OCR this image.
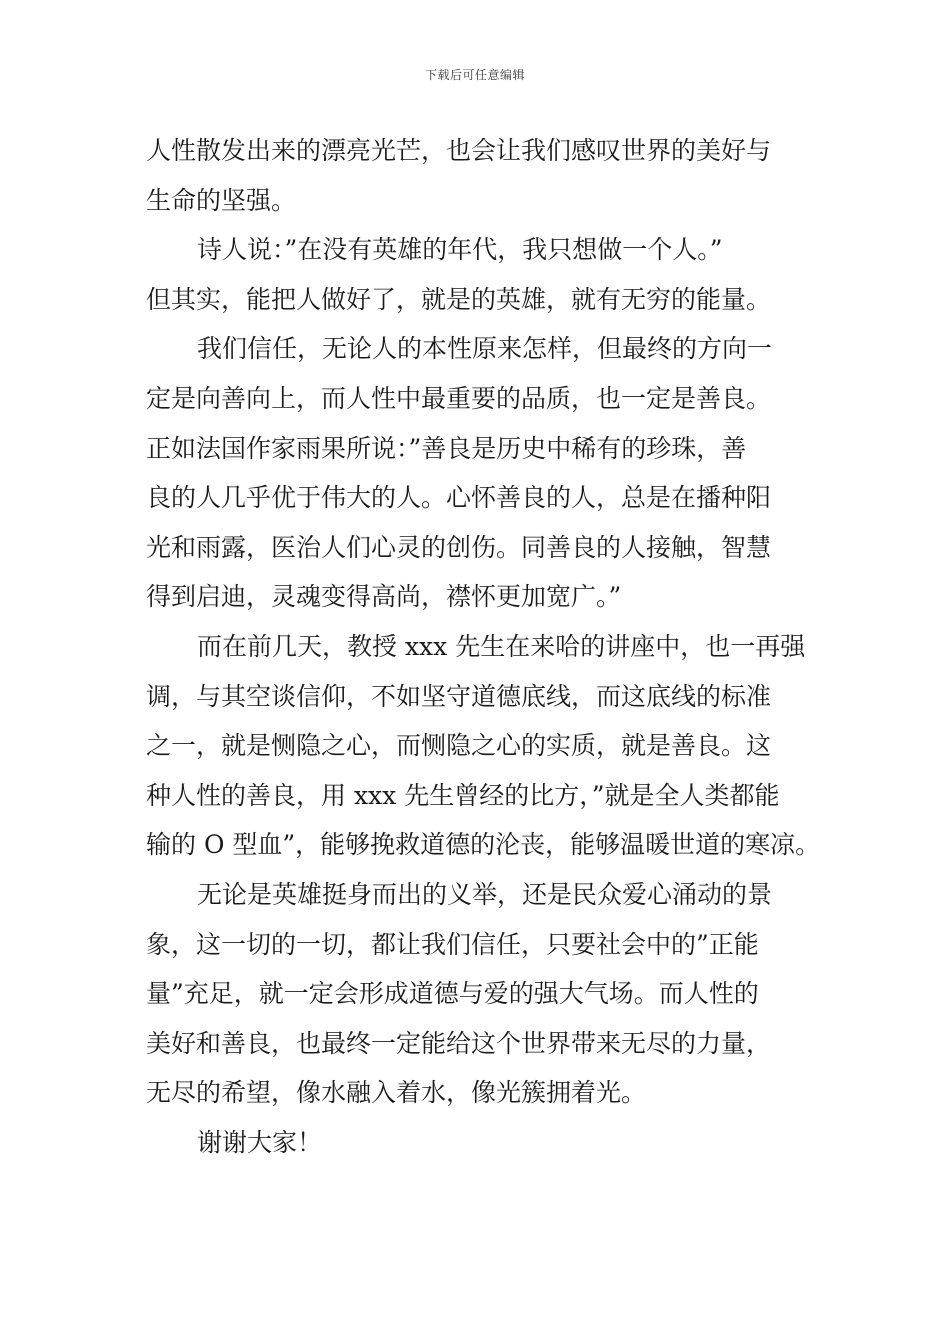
下载后可任意编辑
人性散发出来的漂亮光芒，也会让我们感叹世界的美好与
生命的坚强。
诗人说：”在没有英雄的年代，我只想做一个人。”
但其实，能把人做好了，就是的英雄，就有无穷的能量。
我们信任，无论人的本性原来怎样，但最终的方向一
定是向善向上，而人性中最重要的品质，也一定是善良。
正如法国作家雨果所说：”善良是历史中稀有的珍珠，善
良的人几乎优于伟大的人。心怀善良的人，总是在播种阳
光和雨露，医治人们心灵的创伤。同善良的人接触，智慧
得到启迪，灵魂变得高尚，襟怀更加宽广。”
而在前几天，教授 xxx 先生在来哈的讲座中，也一再强
调，与其空谈信仰，不如坚守道德底线，而这底线的标准
之一，就是恻隐之心，而恻隐之心的实质，就是善良。这
种人性的善良，用 xxx 先生曾经的比方，”就是全人类都能
输的 O 型血”，能够挽救道德的沦丧，能够温暖世道的寒凉。
无论是英雄挺身而出的义举，还是民众爱心涌动的景
象，这一切的一切，都让我们信任，只要社会中的”正能
量”充足，就一定会形成道德与爱的强大气场。而人性的
美好和善良，也最终一定能给这个世界带来无尽的力量，
无尽的希望，像水融入着水，像光簇拥着光。
谢谢大家！
